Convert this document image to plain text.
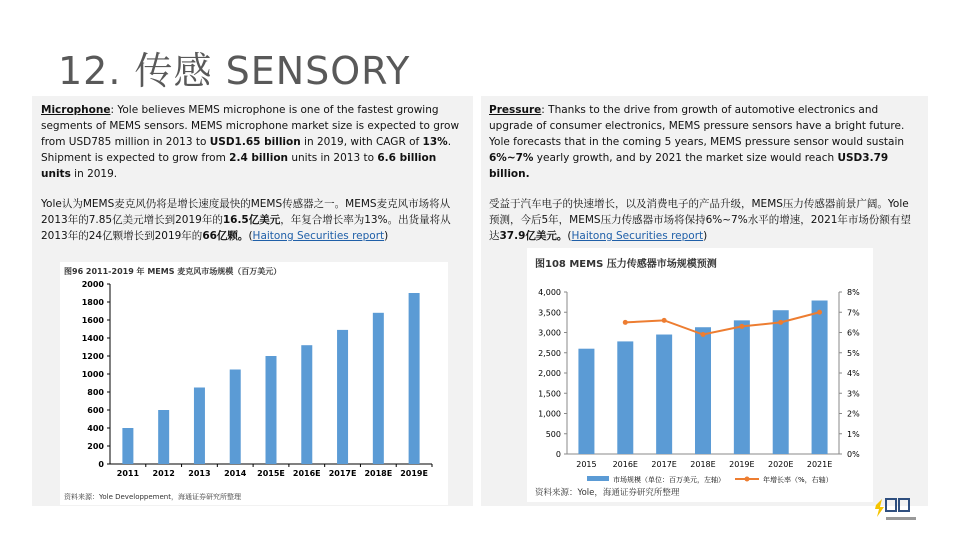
12. 传感 SENSORY
Microphone: Yole believes MEMS microphone is one of the fastest growing segments of MEMS sensors. MEMS microphone market size is expected to grow from USD785 million in 2013 to USD1.65 billion in 2019, with CAGR of 13%. Shipment is expected to grow from 2.4 billion units in 2013 to 6.6 billion units in 2019.
Yole认为MEMS麦克风仍将是增长速度最快的MEMS传感器之一。MEMS麦克风市场将从2013年的7.85亿美元增长到2019年的16.5亿美元，年复合增长率为13%。出货量将从2013年的24亿颗增长到2019年的66亿颗。(Haitong Securities report)
图96 2011-2019 年 MEMS 麦克风市场规模（百万美元）
0
200
400
600
800
1000
1200
1400
1600
1800
2000
2011 2012 2013 2014 2015E 2016E 2017E 2018E 2019E
资料来源：Yole Developpement，海通证券研究所整理
Pressure: Thanks to the drive from growth of automotive electronics and upgrade of consumer electronics, MEMS pressure sensors have a bright future. Yole forecasts that in the coming 5 years, MEMS pressure sensor would sustain 6%~7% yearly growth, and by 2021 the market size would reach USD3.79 billion.
受益于汽车电子的快速增长，以及消费电子的产品升级，MEMS压力传感器前景广阔。Yole 预测，今后5年，MEMS压力传感器市场将保持6%~7%水平的增速，2021年市场份额有望达37.9亿美元。(Haitong Securities report)
图108 MEMS 压力传感器市场规模预测
0
500
1,000
1,500
2,000
2,500
3,000
3,500
4,000
0%
1%
2%
3%
4%
5%
6%
7%
8%
2015 2016E 2017E 2018E 2019E 2020E 2021E
市场规模（单位：百万美元，左轴）	年增长率（%，右轴）
资料来源：Yole，海通证券研究所整理
